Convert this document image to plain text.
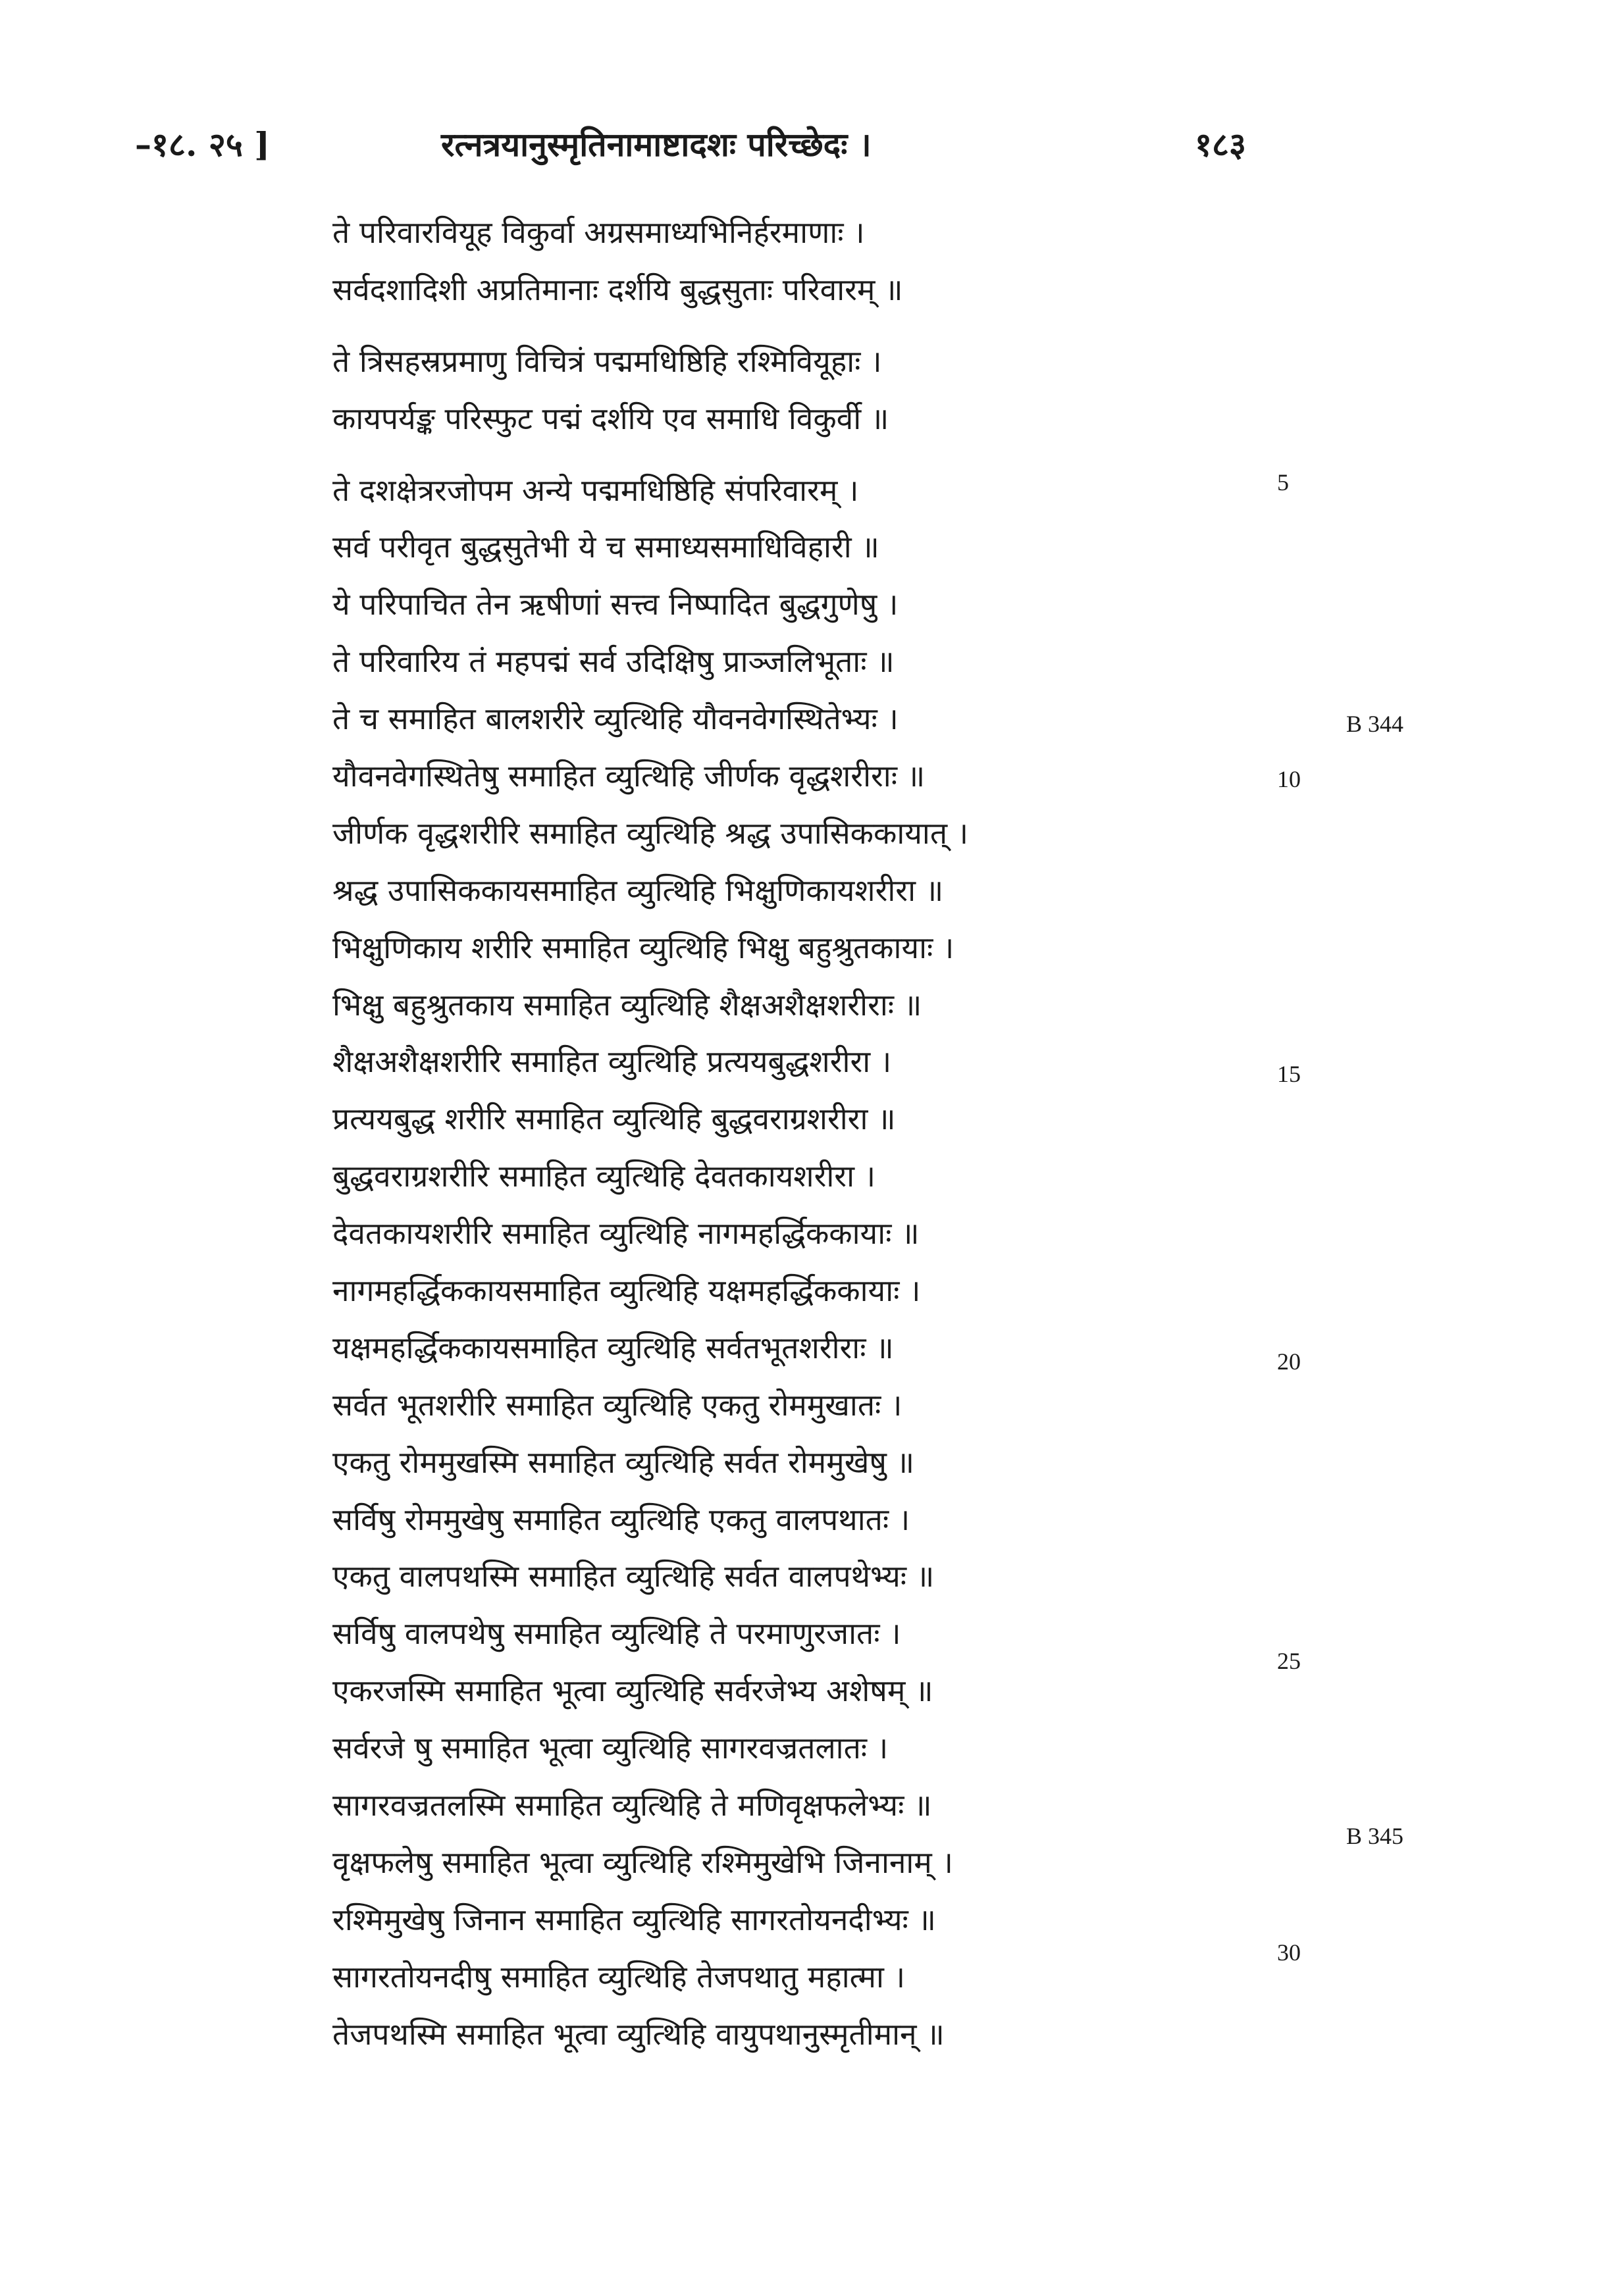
–१८. २५ ]	रत्नत्रयानुस्मृतिनामाष्टादशः परिच्छेदः ।	१८३
ते परिवारवियूह विकुर्वा अग्रसमाध्यभिनिर्हरमाणाः ।
सर्वदशादिशी अप्रतिमानाः दर्शयि बुद्धसुताः परिवारम् ॥
ते त्रिसहस्रप्रमाणु विचित्रं पद्ममधिष्ठिहि रश्मिवियूहाः ।
कायपर्यङ्क परिस्फुट पद्मं दर्शयि एव समाधि विकुर्वी ॥
ते दशक्षेत्ररजोपम अन्ये पद्ममधिष्ठिहि संपरिवारम् ।
सर्व परीवृत बुद्धसुतेभी ये च समाध्यसमाधिविहारी ॥
ये परिपाचित तेन ऋषीणां सत्त्व निष्पादित बुद्धगुणेषु ।
ते परिवारिय तं महपद्मं सर्व उदिक्षिषु प्राञ्जलिभूताः ॥
ते च समाहित बालशरीरे व्युत्थिहि यौवनवेगस्थितेभ्यः ।
यौवनवेगस्थितेषु समाहित व्युत्थिहि जीर्णक वृद्धशरीराः ॥
जीर्णक वृद्धशरीरि समाहित व्युत्थिहि श्रद्ध उपासिककायात् ।
श्रद्ध उपासिककायसमाहित व्युत्थिहि भिक्षुणिकायशरीरा ॥
भिक्षुणिकाय शरीरि समाहित व्युत्थिहि भिक्षु बहुश्रुतकायाः ।
भिक्षु बहुश्रुतकाय समाहित व्युत्थिहि शैक्षअशैक्षशरीराः ॥
शैक्षअशैक्षशरीरि समाहित व्युत्थिहि प्रत्ययबुद्धशरीरा ।
प्रत्ययबुद्ध शरीरि समाहित व्युत्थिहि बुद्धवराग्रशरीरा ॥
बुद्धवराग्रशरीरि समाहित व्युत्थिहि देवतकायशरीरा ।
देवतकायशरीरि समाहित व्युत्थिहि नागमहर्द्धिककायाः ॥
नागमहर्द्धिककायसमाहित व्युत्थिहि यक्षमहर्द्धिककायाः ।
यक्षमहर्द्धिककायसमाहित व्युत्थिहि सर्वतभूतशरीराः ॥
सर्वत भूतशरीरि समाहित व्युत्थिहि एकतु रोममुखातः ।
एकतु रोममुखस्मि समाहित व्युत्थिहि सर्वत रोममुखेषु ॥
सर्विषु रोममुखेषु समाहित व्युत्थिहि एकतु वालपथातः ।
एकतु वालपथस्मि समाहित व्युत्थिहि सर्वत वालपथेभ्यः ॥
सर्विषु वालपथेषु समाहित व्युत्थिहि ते परमाणुरजातः ।
एकरजस्मि समाहित भूत्वा व्युत्थिहि सर्वरजेभ्य अशेषम् ॥
सर्वरजे षु समाहित भूत्वा व्युत्थिहि सागरवज्रतलातः ।
सागरवज्रतलस्मि समाहित व्युत्थिहि ते मणिवृक्षफलेभ्यः ॥
वृक्षफलेषु समाहित भूत्वा व्युत्थिहि रश्मिमुखेभि जिनानाम् ।
रश्मिमुखेषु जिनान समाहित व्युत्थिहि सागरतोयनदीभ्यः ॥
सागरतोयनदीषु समाहित व्युत्थिहि तेजपथातु महात्मा ।
तेजपथस्मि समाहित भूत्वा व्युत्थिहि वायुपथानुस्मृतीमान् ॥
5
10
15
20
25
30
B 344
B 345
